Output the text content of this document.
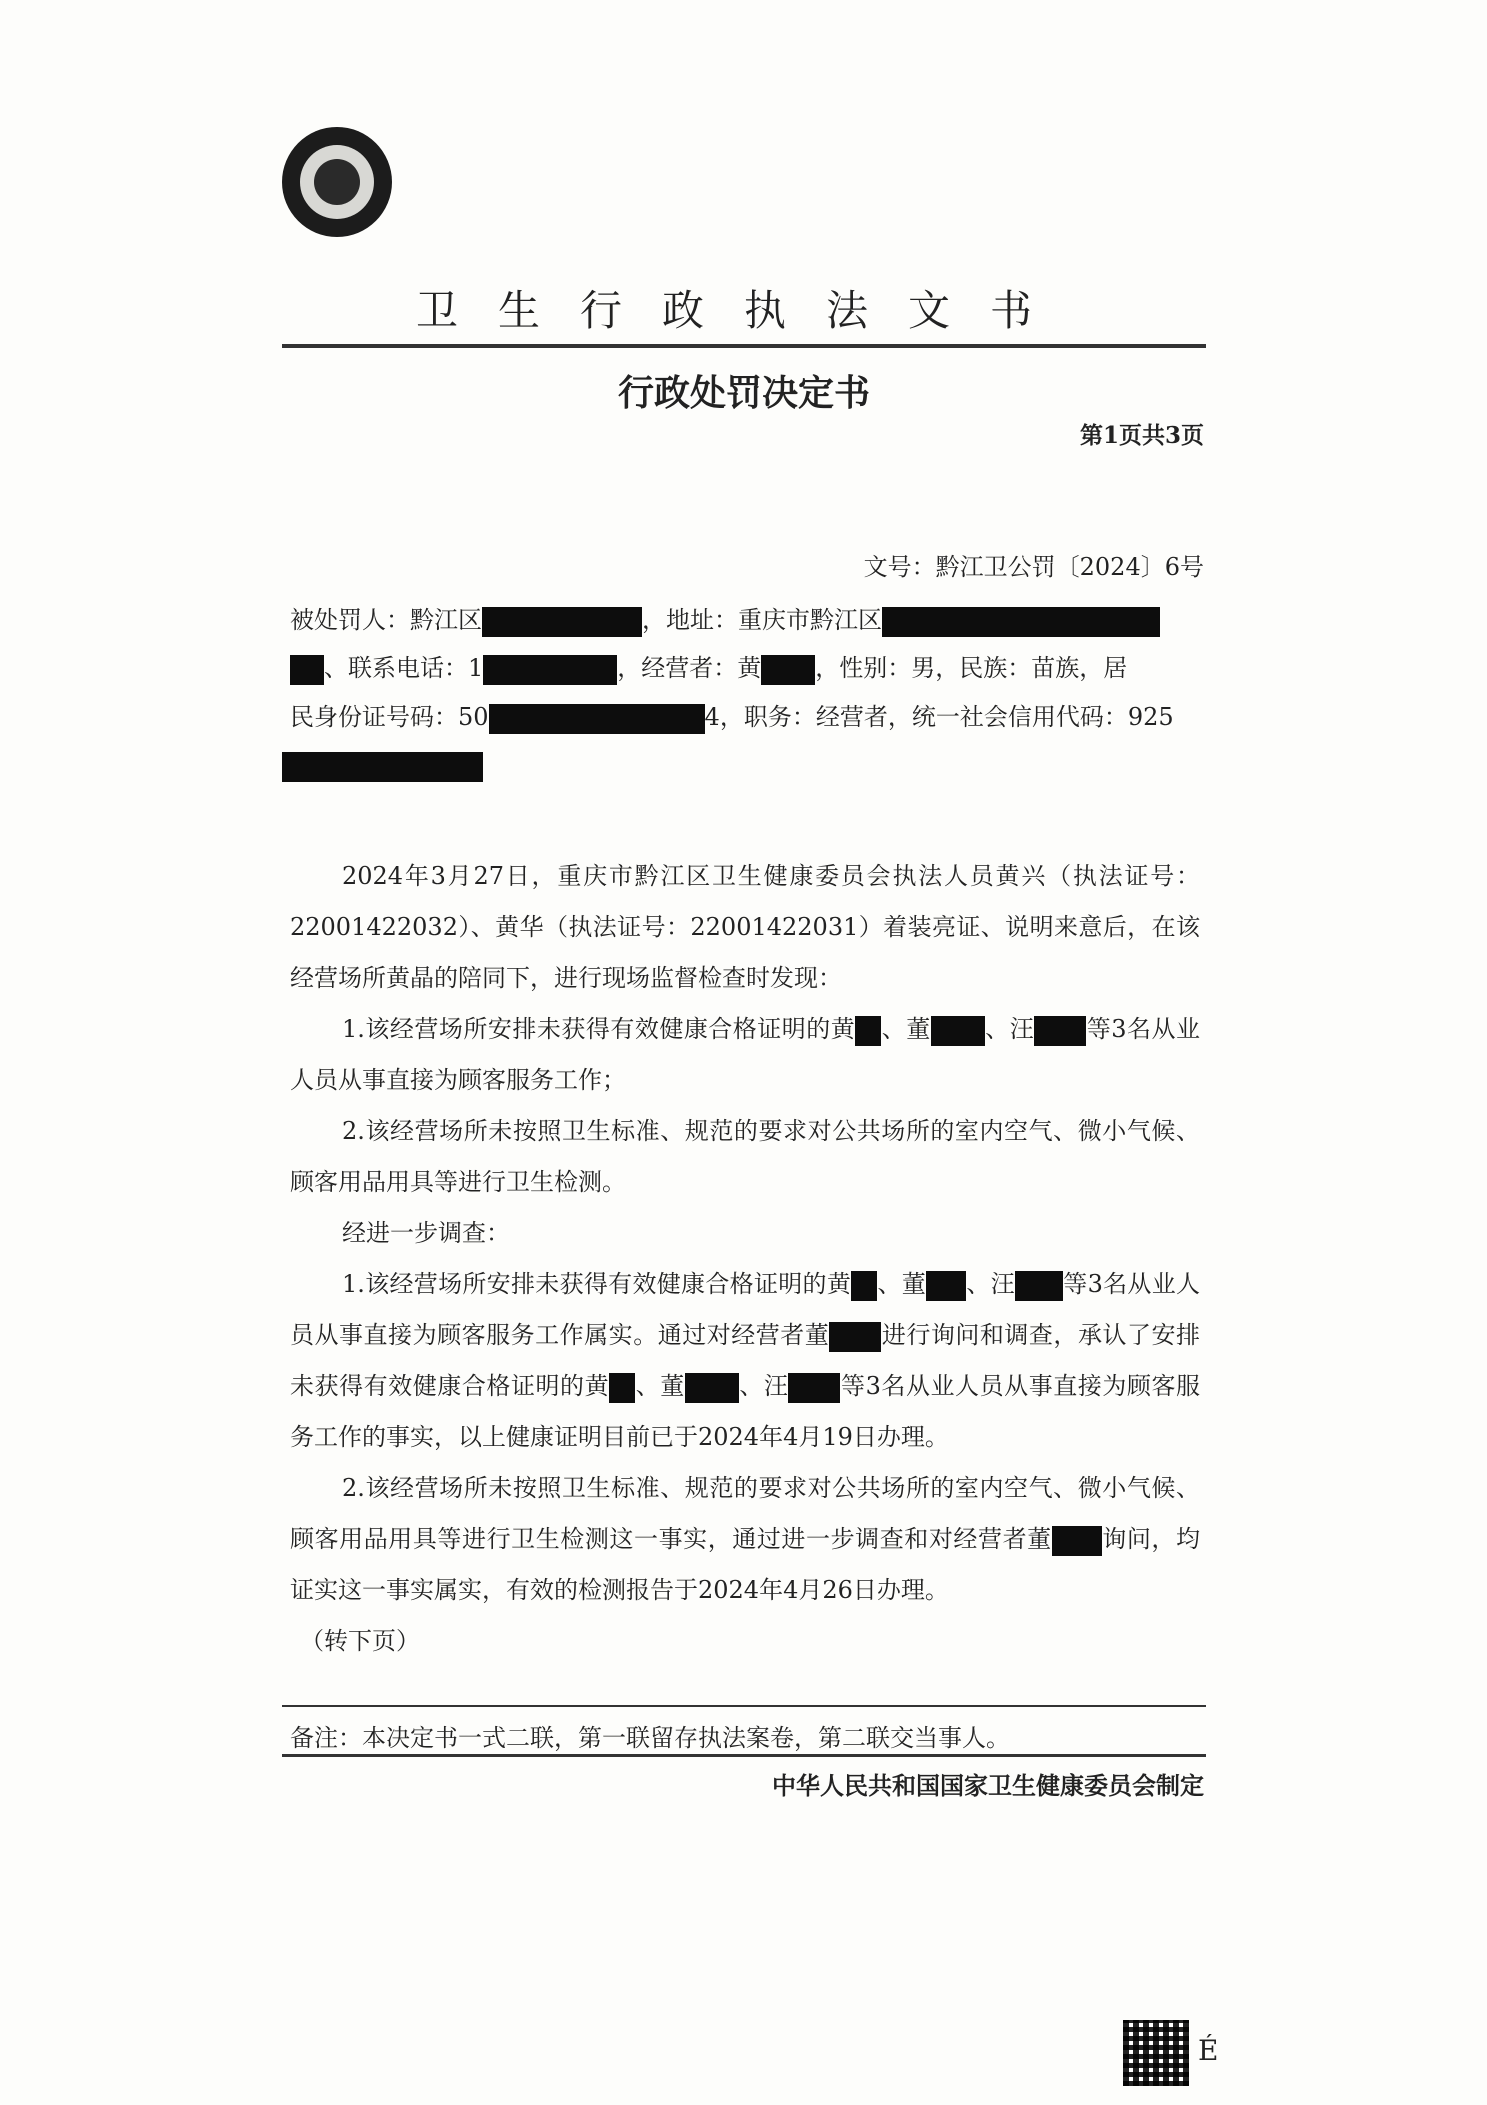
卫生行政执法文书
行政处罚决定书
第1页共3页
文号：黔江卫公罚〔2024〕6号
被处罚人：黔江区	，地址：重庆市黔江区
、联系电话：1	，经营者：黄 ，性别：男，民族：苗族，居
民身份证号码：50	4，职务：经营者，统一社会信用代码：925

2024年3月27日，重庆市黔江区卫生健康委员会执法人员黄兴（执法证号：22001422032）、黄华（执法证号：22001422031）着装亮证、说明来意后，在该经营场所黄晶的陪同下，进行现场监督检查时发现：

1.该经营场所安排未获得有效健康合格证明的黄 、董 、汪 等3名从业人员从事直接为顾客服务工作；

2.该经营场所未按照卫生标准、规范的要求对公共场所的室内空气、微小气候、顾客用品用具等进行卫生检测。

经进一步调查：

1.该经营场所安排未获得有效健康合格证明的黄 、董 、汪 等3名从业人员从事直接为顾客服务工作属实。通过对经营者董 进行询问和调查，承认了安排未获得有效健康合格证明的黄 、董 、汪 等3名从业人员从事直接为顾客服务工作的事实，以上健康证明目前已于2024年4月19日办理。

2.该经营场所未按照卫生标准、规范的要求对公共场所的室内空气、微小气候、顾客用品用具等进行卫生检测这一事实，通过进一步调查和对经营者董 询问，均证实这一事实属实，有效的检测报告于2024年4月26日办理。

（转下页）

备注：本决定书一式二联，第一联留存执法案卷，第二联交当事人。
中华人民共和国国家卫生健康委员会制定
É
